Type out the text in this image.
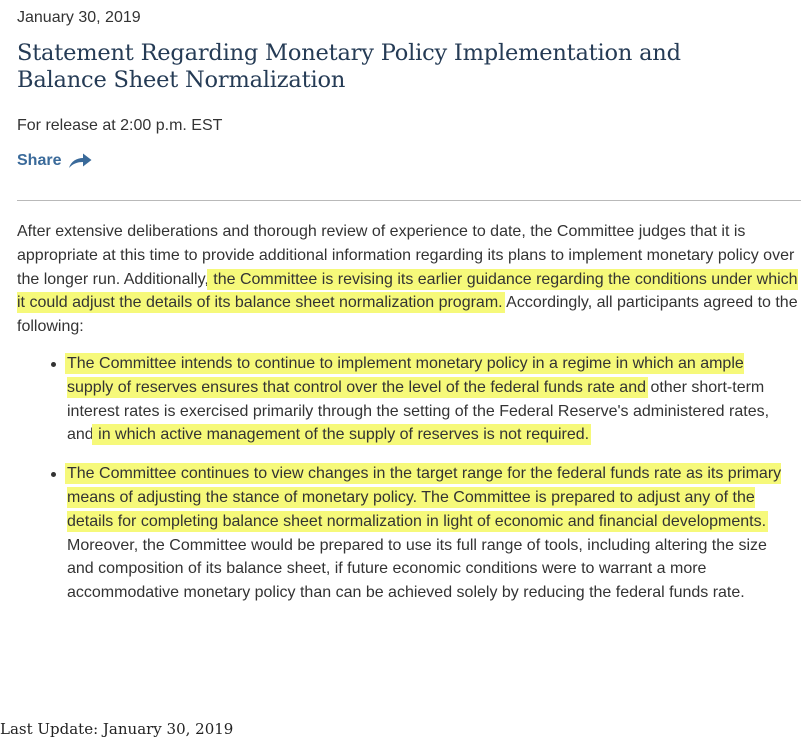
January 30, 2019
Statement Regarding Monetary Policy Implementation and Balance Sheet Normalization
For release at 2:00 p.m. EST
Share

After extensive deliberations and thorough review of experience to date, the Committee judges that it is appropriate at this time to provide additional information regarding its plans to implement monetary policy over the longer run. Additionally, the Committee is revising its earlier guidance regarding the conditions under which it could adjust the details of its balance sheet normalization program. Accordingly, all participants agreed to the following:

The Committee intends to continue to implement monetary policy in a regime in which an ample supply of reserves ensures that control over the level of the federal funds rate and other short-term interest rates is exercised primarily through the setting of the Federal Reserve's administered rates, and in which active management of the supply of reserves is not required.
The Committee continues to view changes in the target range for the federal funds rate as its primary means of adjusting the stance of monetary policy. The Committee is prepared to adjust any of the details for completing balance sheet normalization in light of economic and financial developments. Moreover, the Committee would be prepared to use its full range of tools, including altering the size and composition of its balance sheet, if future economic conditions were to warrant a more accommodative monetary policy than can be achieved solely by reducing the federal funds rate.
Last Update: January 30, 2019
